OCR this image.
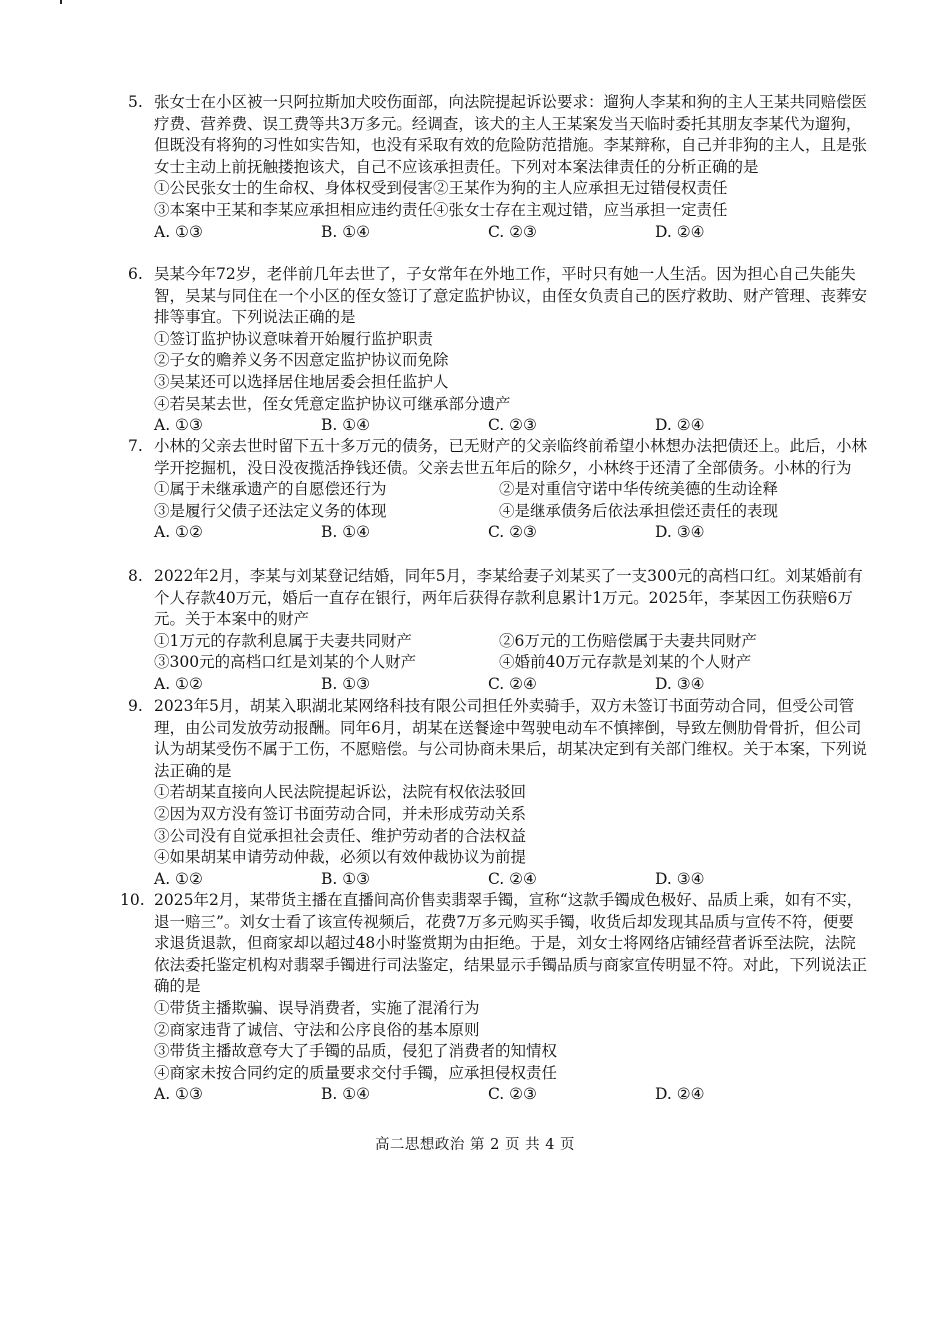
5. 张女士在小区被一只阿拉斯加犬咬伤面部，向法院提起诉讼要求：遛狗人李某和狗的主人王某共同赔偿医疗费、营养费、误工费等共3万多元。经调查，该犬的主人王某案发当天临时委托其朋友李某代为遛狗，但既没有将狗的习性如实告知，也没有采取有效的危险防范措施。李某辩称，自己并非狗的主人，且是张女士主动上前抚触搂抱该犬，自己不应该承担责任。下列对本案法律责任的分析正确的是
①公民张女士的生命权、身体权受到侵害 ②王某作为狗的主人应承担无过错侵权责任
③本案中王某和李某应承担相应违约责任 ④张女士存在主观过错，应当承担一定责任
A. ①③	B. ①④	C. ②③	D. ②④
6. 吴某今年72岁，老伴前几年去世了，子女常年在外地工作，平时只有她一人生活。因为担心自己失能失智，吴某与同住在一个小区的侄女签订了意定监护协议，由侄女负责自己的医疗救助、财产管理、丧葬安排等事宜。下列说法正确的是
①签订监护协议意味着开始履行监护职责
②子女的赡养义务不因意定监护协议而免除
③吴某还可以选择居住地居委会担任监护人
④若吴某去世，侄女凭意定监护协议可继承部分遗产
A. ①③	B. ①④	C. ②③	D. ②④
7. 小林的父亲去世时留下五十多万元的债务，已无财产的父亲临终前希望小林想办法把债还上。此后，小林学开挖掘机，没日没夜揽活挣钱还债。父亲去世五年后的除夕，小林终于还清了全部债务。小林的行为
①属于未继承遗产的自愿偿还行为	②是对重信守诺中华传统美德的生动诠释
③是履行父债子还法定义务的体现	④是继承债务后依法承担偿还责任的表现
A. ①②	B. ①④	C. ②③	D. ③④
8. 2022年2月，李某与刘某登记结婚，同年5月，李某给妻子刘某买了一支300元的高档口红。刘某婚前有个人存款40万元，婚后一直存在银行，两年后获得存款利息累计1万元。2025年，李某因工伤获赔6万元。关于本案中的财产
①1万元的存款利息属于夫妻共同财产	②6万元的工伤赔偿属于夫妻共同财产
③300元的高档口红是刘某的个人财产	④婚前40万元存款是刘某的个人财产
A. ①②	B. ①③	C. ②④	D. ③④
9. 2023年5月，胡某入职湖北某网络科技有限公司担任外卖骑手，双方未签订书面劳动合同，但受公司管理，由公司发放劳动报酬。同年6月，胡某在送餐途中驾驶电动车不慎摔倒，导致左侧肋骨骨折，但公司认为胡某受伤不属于工伤，不愿赔偿。与公司协商未果后，胡某决定到有关部门维权。关于本案，下列说法正确的是
①若胡某直接向人民法院提起诉讼，法院有权依法驳回
②因为双方没有签订书面劳动合同，并未形成劳动关系
③公司没有自觉承担社会责任、维护劳动者的合法权益
④如果胡某申请劳动仲裁，必须以有效仲裁协议为前提
A. ①②	B. ①③	C. ②④	D. ③④
10. 2025年2月，某带货主播在直播间高价售卖翡翠手镯，宣称“这款手镯成色极好、品质上乘，如有不实，退一赔三”。刘女士看了该宣传视频后，花费7万多元购买手镯，收货后却发现其品质与宣传不符，便要求退货退款，但商家却以超过48小时鉴赏期为由拒绝。于是，刘女士将网络店铺经营者诉至法院，法院依法委托鉴定机构对翡翠手镯进行司法鉴定，结果显示手镯品质与商家宣传明显不符。对此，下列说法正确的是
①带货主播欺骗、误导消费者，实施了混淆行为
②商家违背了诚信、守法和公序良俗的基本原则
③带货主播故意夸大了手镯的品质，侵犯了消费者的知情权
④商家未按合同约定的质量要求交付手镯，应承担侵权责任
A. ①③	B. ①④	C. ②③	D. ②④
高二思想政治 第 2 页 共 4 页
